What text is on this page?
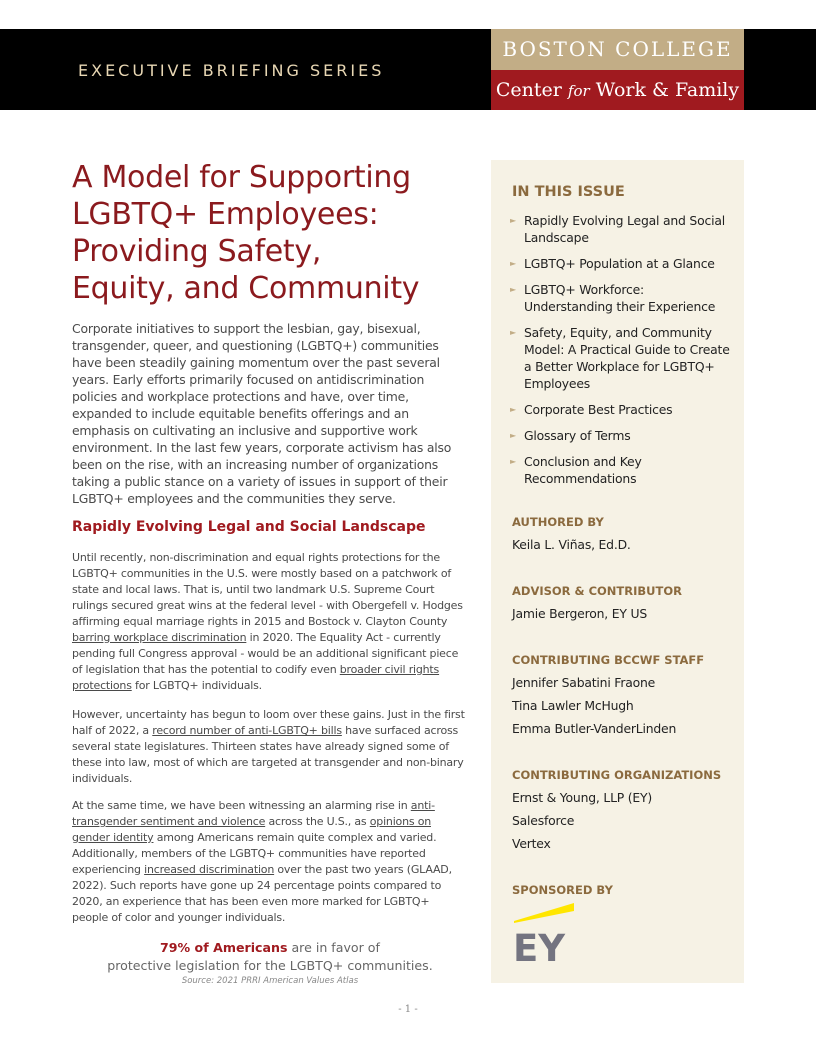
EXECUTIVE BRIEFING SERIES
BOSTON COLLEGE
Center for Work & Family
A Model for Supporting
LGBTQ+ Employees:
Providing Safety,
Equity, and Community

Corporate initiatives to support the lesbian, gay, bisexual, transgender, queer, and questioning (LGBTQ+) communities have been steadily gaining momentum over the past several years. Early efforts primarily focused on antidiscrimination policies and workplace protections and have, over time, expanded to include equitable benefits offerings and an emphasis on cultivating an inclusive and supportive work environment. In the last few years, corporate activism has also been on the rise, with an increasing number of organizations taking a public stance on a variety of issues in support of their LGBTQ+ employees and the communities they serve.

Rapidly Evolving Legal and Social Landscape

Until recently, non-discrimination and equal rights protections for the LGBTQ+ communities in the U.S. were mostly based on a patchwork of state and local laws. That is, until two landmark U.S. Supreme Court rulings secured great wins at the federal level - with Obergefell v. Hodges affirming equal marriage rights in 2015 and Bostock v. Clayton County barring workplace discrimination in 2020. The Equality Act - currently pending full Congress approval - would be an additional significant piece of legislation that has the potential to codify even broader civil rights protections for LGBTQ+ individuals.

However, uncertainty has begun to loom over these gains. Just in the first half of 2022, a record number of anti-LGBTQ+ bills have surfaced across several state legislatures. Thirteen states have already signed some of these into law, most of which are targeted at transgender and non-binary individuals.

At the same time, we have been witnessing an alarming rise in anti-transgender sentiment and violence across the U.S., as opinions on gender identity among Americans remain quite complex and varied. Additionally, members of the LGBTQ+ communities have reported experiencing increased discrimination over the past two years (GLAAD, 2022). Such reports have gone up 24 percentage points compared to 2020, an experience that has been even more marked for LGBTQ+ people of color and younger individuals.

79% of Americans are in favor of
protective legislation for the LGBTQ+ communities.
Source: 2021 PRRI American Values Atlas
- 1 -
IN THIS ISSUE
► Rapidly Evolving Legal and Social Landscape
► LGBTQ+ Population at a Glance
► LGBTQ+ Workforce: Understanding their Experience
► Safety, Equity, and Community Model: A Practical Guide to Create a Better Workplace for LGBTQ+ Employees
► Corporate Best Practices
► Glossary of Terms
► Conclusion and Key Recommendations
AUTHORED BY
Keila L. Viñas, Ed.D.
ADVISOR & CONTRIBUTOR
Jamie Bergeron, EY US
CONTRIBUTING BCCWF STAFF
Jennifer Sabatini Fraone
Tina Lawler McHugh
Emma Butler-VanderLinden
CONTRIBUTING ORGANIZATIONS
Ernst & Young, LLP (EY)
Salesforce
Vertex
SPONSORED BY
EY
